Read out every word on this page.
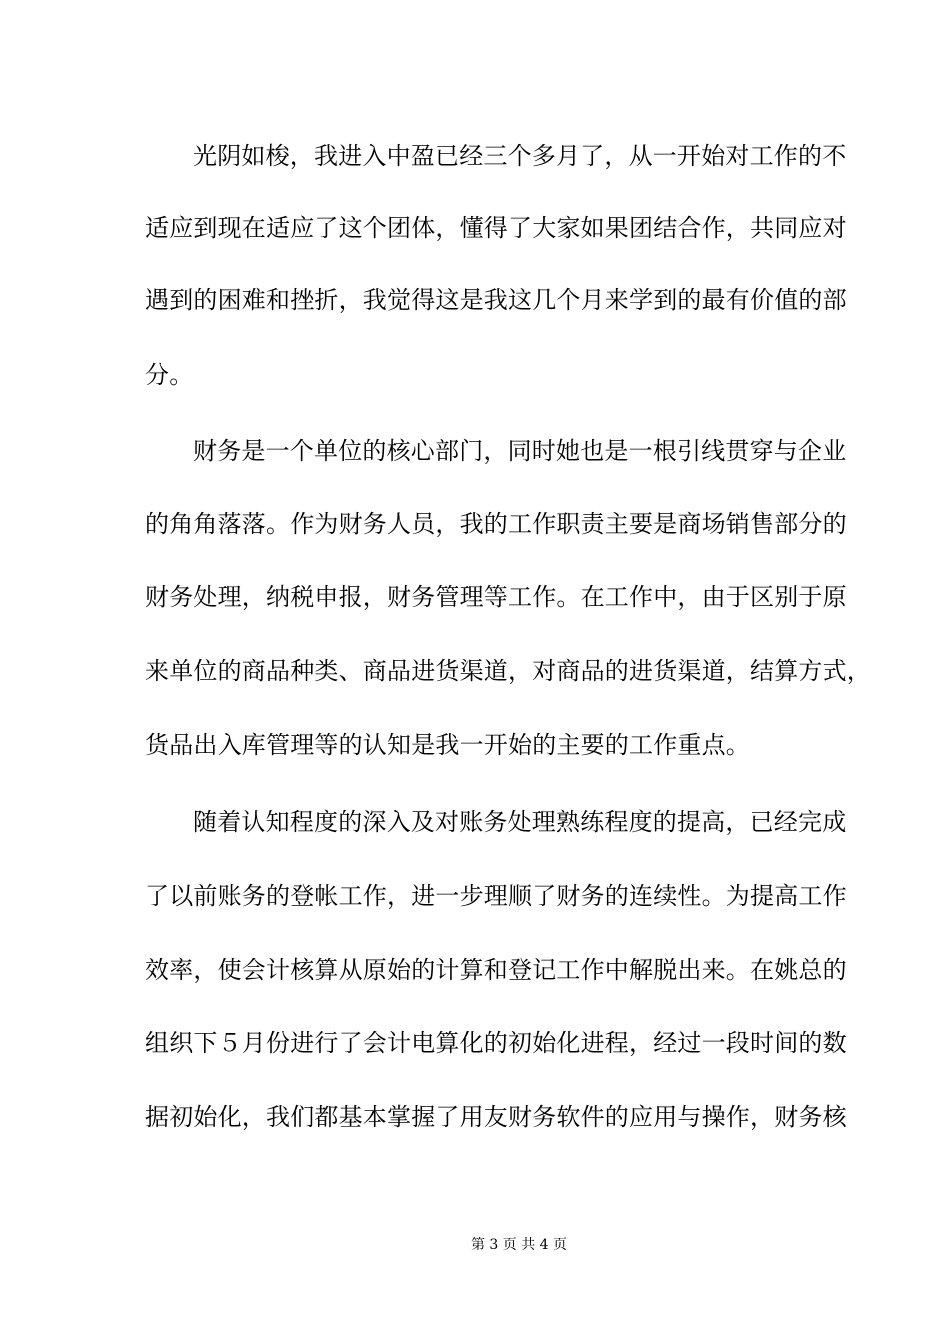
光阴如梭，我进入中盈已经三个多月了，从一开始对工作的不
适应到现在适应了这个团体，懂得了大家如果团结合作，共同应对
遇到的困难和挫折，我觉得这是我这几个月来学到的最有价值的部
分。
财务是一个单位的核心部门，同时她也是一根引线贯穿与企业
的角角落落。作为财务人员，我的工作职责主要是商场销售部分的
财务处理，纳税申报，财务管理等工作。在工作中，由于区别于原
来单位的商品种类、商品进货渠道，对商品的进货渠道，结算方式，
货品出入库管理等的认知是我一开始的主要的工作重点。
随着认知程度的深入及对账务处理熟练程度的提高，已经完成
了以前账务的登帐工作，进一步理顺了财务的连续性。为提高工作
效率，使会计核算从原始的计算和登记工作中解脱出来。在姚总的
组织下５月份进行了会计电算化的初始化进程，经过一段时间的数
据初始化，我们都基本掌握了用友财务软件的应用与操作，财务核
第 3 页 共 4 页
